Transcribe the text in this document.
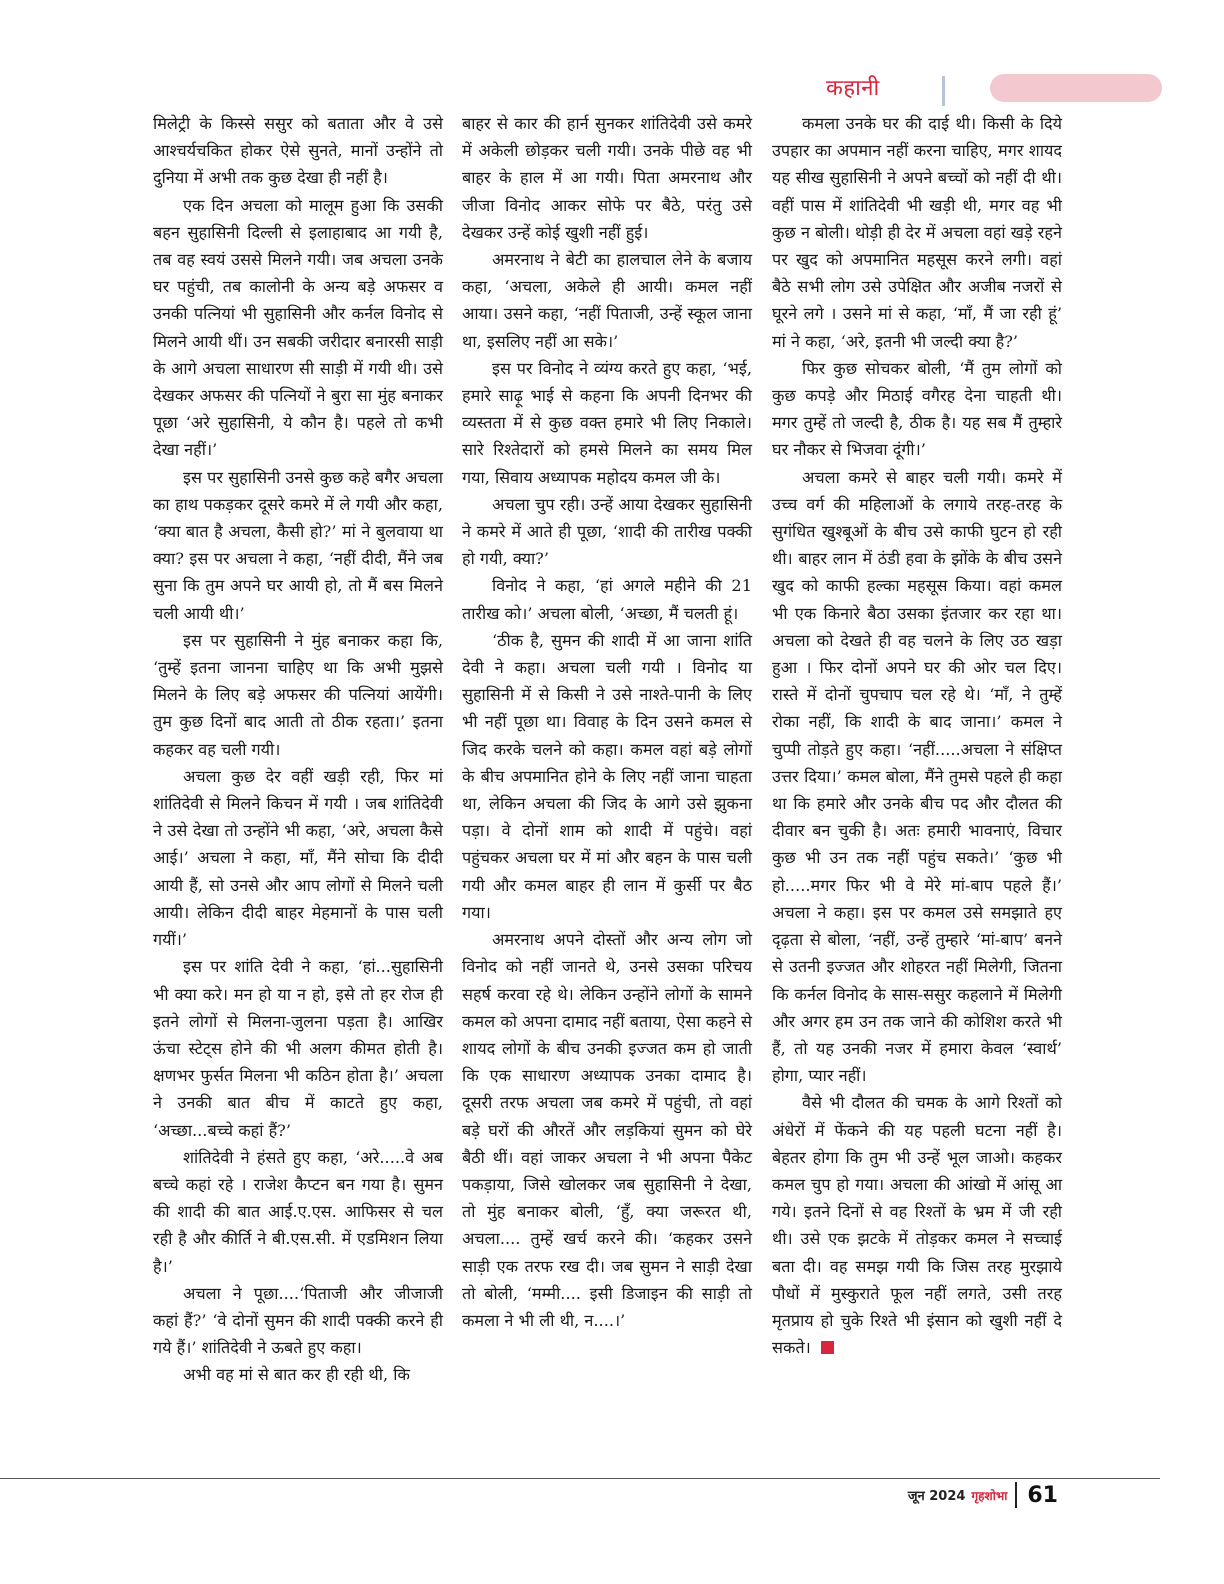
कहानी

मिलेट्री के किस्से ससुर को बताता और वे उसे आश्चर्यचकित होकर ऐसे सुनते, मानों उन्होंने तो दुनिया में अभी तक कुछ देखा ही नहीं है।

एक दिन अचला को मालूम हुआ कि उसकी बहन सुहासिनी दिल्ली से इलाहाबाद आ गयी है, तब वह स्वयं उससे मिलने गयी। जब अचला उनके घर पहुंची, तब कालोनी के अन्य बड़े अफसर व उनकी पत्नियां भी सुहासिनी और कर्नल विनोद से मिलने आयी थीं। उन सबकी जरीदार बनारसी साड़ी के आगे अचला साधारण सी साड़ी में गयी थी। उसे देखकर अफसर की पत्नियों ने बुरा सा मुंह बनाकर पूछा ‘अरे सुहासिनी, ये कौन है। पहले तो कभी देखा नहीं।’

इस पर सुहासिनी उनसे कुछ कहे बगैर अचला का हाथ पकड़कर दूसरे कमरे में ले गयी और कहा, ‘क्या बात है अचला, कैसी हो?’ मां ने बुलवाया था क्या? इस पर अचला ने कहा, ‘नहीं दीदी, मैंने जब सुना कि तुम अपने घर आयी हो, तो मैं बस मिलने चली आयी थी।’

इस पर सुहासिनी ने मुंह बनाकर कहा कि, ‘तुम्हें इतना जानना चाहिए था कि अभी मुझसे मिलने के लिए बड़े अफसर की पत्नियां आयेंगी। तुम कुछ दिनों बाद आती तो ठीक रहता।’ इतना कहकर वह चली गयी।

अचला कुछ देर वहीं खड़ी रही, फिर मां शांतिदेवी से मिलने किचन में गयी । जब शांतिदेवी ने उसे देखा तो उन्होंने भी कहा, ‘अरे, अचला कैसे आई।’ अचला ने कहा, माँ, मैंने सोचा कि दीदी आयी हैं, सो उनसे और आप लोगों से मिलने चली आयी। लेकिन दीदी बाहर मेहमानों के पास चली गयीं।’

इस पर शांति देवी ने कहा, ‘हां...सुहासिनी भी क्या करे। मन हो या न हो, इसे तो हर रोज ही इतने लोगों से मिलना-जुलना पड़ता है। आखिर ऊंचा स्टेट्स होने की भी अलग कीमत होती है। क्षणभर फुर्सत मिलना भी कठिन होता है।’ अचला ने उनकी बात बीच में काटते हुए कहा, ‘अच्छा...बच्चे कहां हैं?’

शांतिदेवी ने हंसते हुए कहा, ‘अरे.....वे अब बच्चे कहां रहे । राजेश कैप्टन बन गया है। सुमन की शादी की बात आई.ए.एस. आफिसर से चल रही है और कीर्ति ने बी.एस.सी. में एडमिशन लिया है।’

अचला ने पूछा....‘पिताजी और जीजाजी कहां हैं?’ ‘वे दोनों सुमन की शादी पक्की करने ही गये हैं।’ शांतिदेवी ने ऊबते हुए कहा।

अभी वह मां से बात कर ही रही थी, कि

बाहर से कार की हार्न सुनकर शांतिदेवी उसे कमरे में अकेली छोड़कर चली गयी। उनके पीछे वह भी बाहर के हाल में आ गयी। पिता अमरनाथ और जीजा विनोद आकर सोफे पर बैठे, परंतु उसे देखकर उन्हें कोई खुशी नहीं हुई।

अमरनाथ ने बेटी का हालचाल लेने के बजाय कहा, ‘अचला, अकेले ही आयी। कमल नहीं आया। उसने कहा, ‘नहीं पिताजी, उन्हें स्कूल जाना था, इसलिए नहीं आ सके।’

इस पर विनोद ने व्यंग्य करते हुए कहा, ‘भई, हमारे साढ़ू भाई से कहना कि अपनी दिनभर की व्यस्तता में से कुछ वक्त हमारे भी लिए निकाले। सारे रिश्तेदारों को हमसे मिलने का समय मिल गया, सिवाय अध्यापक महोदय कमल जी के।

अचला चुप रही। उन्हें आया देखकर सुहासिनी ने कमरे में आते ही पूछा, ‘शादी की तारीख पक्की हो गयी, क्या?’

विनोद ने कहा, ‘हां अगले महीने की 21 तारीख को।’ अचला बोली, ‘अच्छा, मैं चलती हूं।

‘ठीक है, सुमन की शादी में आ जाना शांति देवी ने कहा। अचला चली गयी । विनोद या सुहासिनी में से किसी ने उसे नाश्ते-पानी के लिए भी नहीं पूछा था। विवाह के दिन उसने कमल से जिद करके चलने को कहा। कमल वहां बड़े लोगों के बीच अपमानित होने के लिए नहीं जाना चाहता था, लेकिन अचला की जिद के आगे उसे झुकना पड़ा। वे दोनों शाम को शादी में पहुंचे। वहां पहुंचकर अचला घर में मां और बहन के पास चली गयी और कमल बाहर ही लान में कुर्सी पर बैठ गया।

अमरनाथ अपने दोस्तों और अन्य लोग जो विनोद को नहीं जानते थे, उनसे उसका परिचय सहर्ष करवा रहे थे। लेकिन उन्होंने लोगों के सामने कमल को अपना दामाद नहीं बताया, ऐसा कहने से शायद लोगों के बीच उनकी इज्जत कम हो जाती कि एक साधारण अध्यापक उनका दामाद है। दूसरी तरफ अचला जब कमरे में पहुंची, तो वहां बड़े घरों की औरतें और लड़कियां सुमन को घेरे बैठी थीं। वहां जाकर अचला ने भी अपना पैकेट पकड़ाया, जिसे खोलकर जब सुहासिनी ने देखा, तो मुंह बनाकर बोली, ‘हुँ, क्या जरूरत थी, अचला.... तुम्हें खर्च करने की। ‘कहकर उसने साड़ी एक तरफ रख दी। जब सुमन ने साड़ी देखा तो बोली, ‘मम्मी.... इसी डिजाइन की साड़ी तो कमला ने भी ली थी, न....।’

कमला उनके घर की दाई थी। किसी के दिये उपहार का अपमान नहीं करना चाहिए, मगर शायद यह सीख सुहासिनी ने अपने बच्चों को नहीं दी थी। वहीं पास में शांतिदेवी भी खड़ी थी, मगर वह भी कुछ न बोली। थोड़ी ही देर में अचला वहां खड़े रहने पर खुद को अपमानित महसूस करने लगी। वहां बैठे सभी लोग उसे उपेक्षित और अजीब नजरों से घूरने लगे । उसने मां से कहा, ‘माँ, मैं जा रही हूं’ मां ने कहा, ‘अरे, इतनी भी जल्दी क्या है?’

फिर कुछ सोचकर बोली, ‘मैं तुम लोगों को कुछ कपड़े और मिठाई वगैरह देना चाहती थी। मगर तुम्हें तो जल्दी है, ठीक है। यह सब मैं तुम्हारे घर नौकर से भिजवा दूंगी।’

अचला कमरे से बाहर चली गयी। कमरे में उच्च वर्ग की महिलाओं के लगाये तरह-तरह के सुगंधित खुश्बूओं के बीच उसे काफी घुटन हो रही थी। बाहर लान में ठंडी हवा के झोंके के बीच उसने खुद को काफी हल्का महसूस किया। वहां कमल भी एक किनारे बैठा उसका इंतजार कर रहा था। अचला को देखते ही वह चलने के लिए उठ खड़ा हुआ । फिर दोनों अपने घर की ओर चल दिए। रास्ते में दोनों चुपचाप चल रहे थे। ‘माँ, ने तुम्हें रोका नहीं, कि शादी के बाद जाना।’ कमल ने चुप्पी तोड़ते हुए कहा। ‘नहीं.....अचला ने संक्षिप्त उत्तर दिया।’ कमल बोला, मैंने तुमसे पहले ही कहा था कि हमारे और उनके बीच पद और दौलत की दीवार बन चुकी है। अतः हमारी भावनाएं, विचार कुछ भी उन तक नहीं पहुंच सकते।’ ‘कुछ भी हो.....मगर फिर भी वे मेरे मां-बाप पहले हैं।’ अचला ने कहा। इस पर कमल उसे समझाते हए दृढ़ता से बोला, ‘नहीं, उन्हें तुम्हारे ‘मां-बाप’ बनने से उतनी इज्जत और शोहरत नहीं मिलेगी, जितना कि कर्नल विनोद के सास-ससुर कहलाने में मिलेगी और अगर हम उन तक जाने की कोशिश करते भी हैं, तो यह उनकी नजर में हमारा केवल ‘स्वार्थ’ होगा, प्यार नहीं।

वैसे भी दौलत की चमक के आगे रिश्तों को अंधेरों में फेंकने की यह पहली घटना नहीं है। बेहतर होगा कि तुम भी उन्हें भूल जाओ। कहकर कमल चुप हो गया। अचला की आंखो में आंसू आ गये। इतने दिनों से वह रिश्तों के भ्रम में जी रही थी। उसे एक झटके में तोड़कर कमल ने सच्चाई बता दी। वह समझ गयी कि जिस तरह मुरझाये पौधों में मुस्कुराते फूल नहीं लगते, उसी तरह मृतप्राय हो चुके रिश्ते भी इंसान को खुशी नहीं दे सकते।

जून 2024 गृहशोभा 61
